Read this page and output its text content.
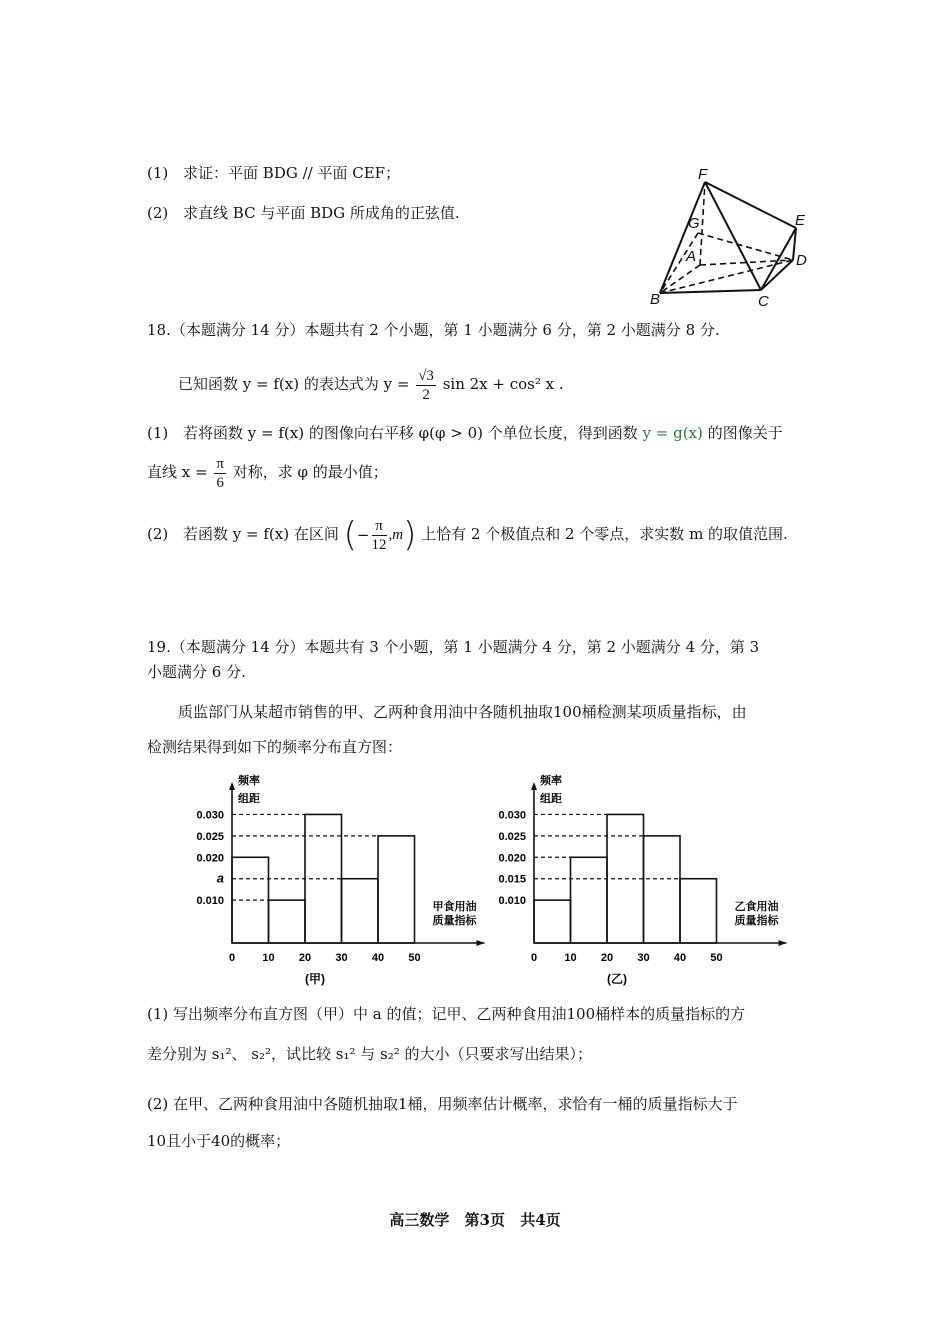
(1) 求证：平面 BDG // 平面 CEF；
(2) 求直线 BC 与平面 BDG 所成角的正弦值.
F
G
A
E
D
B	C
18.（本题满分 14 分）本题共有 2 个小题，第 1 小题满分 6 分，第 2 小题满分 8 分.
已知函数 y = f(x) 的表达式为 $y = \frac{√3}{2}$ sin 2x + cos² x .
(1) 若将函数 y = f(x) 的图像向右平移 φ(φ > 0) 个单位长度，得到函数 y = g(x) 的图像关于
直线 $x = \frac{\pi}{6}$ 对称，求 φ 的最小值；
(2) 若函数 y = f(x) 在区间 (− $\frac{\pi}{12} ,m$) 上恰有 2 个极值点和 2 个零点，求实数 m 的取值范围.
19.（本题满分 14 分）本题共有 3 个小题，第 1 小题满分 4 分，第 2 小题满分 4 分，第 3
小题满分 6 分.
质监部门从某超市销售的甲、乙两种食用油中各随机抽取100桶检测某项质量指标，由
检测结果得到如下的频率分布直方图：
频率
组距
0.030
0.025
0.020
a
0.010
0 10 20 30 40 50
甲食用油
质量指标
(甲)
频率
组距
0.030
0.025
0.020
0.015
0.010
0 10 20 30 40 50
乙食用油
质量指标
(乙)
(1) 写出频率分布直方图（甲）中 a 的值；记甲、乙两种食用油100桶样本的质量指标的方
差分别为 s₁²、 s₂²，试比较 s₁² 与 s₂² 的大小（只要求写出结果）；
(2) 在甲、乙两种食用油中各随机抽取1桶，用频率估计概率，求恰有一桶的质量指标大于
10且小于40的概率；
高三数学 第3页 共4页
